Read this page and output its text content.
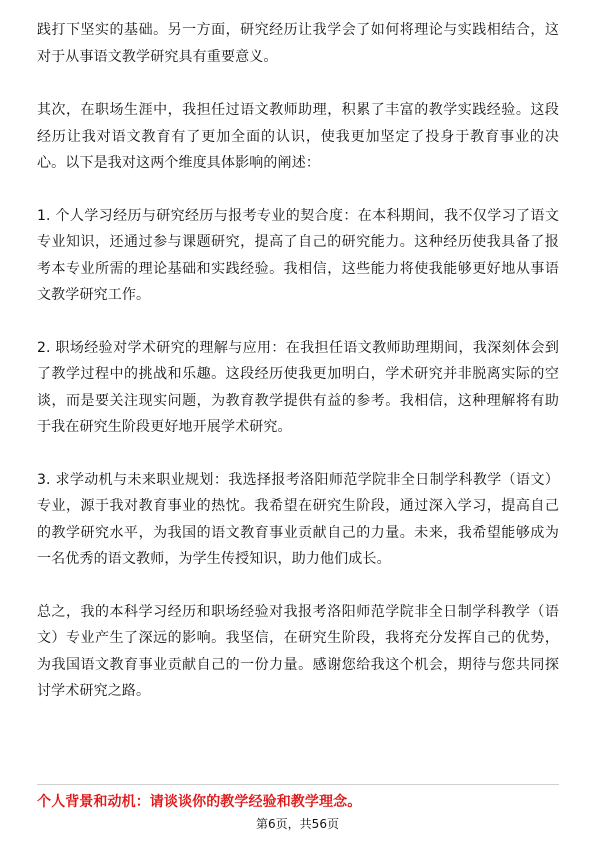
践打下坚实的基础。另一方面，研究经历让我学会了如何将理论与实践相结合，这对于从事语文教学研究具有重要意义。

其次，在职场生涯中，我担任过语文教师助理，积累了丰富的教学实践经验。这段经历让我对语文教育有了更加全面的认识，使我更加坚定了投身于教育事业的决心。以下是我对这两个维度具体影响的阐述：

1. 个人学习经历与研究经历与报考专业的契合度：在本科期间，我不仅学习了语文专业知识，还通过参与课题研究，提高了自己的研究能力。这种经历使我具备了报考本专业所需的理论基础和实践经验。我相信，这些能力将使我能够更好地从事语文教学研究工作。

2. 职场经验对学术研究的理解与应用：在我担任语文教师助理期间，我深刻体会到了教学过程中的挑战和乐趣。这段经历使我更加明白，学术研究并非脱离实际的空谈，而是要关注现实问题，为教育教学提供有益的参考。我相信，这种理解将有助于我在研究生阶段更好地开展学术研究。

3. 求学动机与未来职业规划：我选择报考洛阳师范学院非全日制学科教学（语文）专业，源于我对教育事业的热忱。我希望在研究生阶段，通过深入学习，提高自己的教学研究水平，为我国的语文教育事业贡献自己的力量。未来，我希望能够成为一名优秀的语文教师，为学生传授知识，助力他们成长。

总之，我的本科学习经历和职场经验对我报考洛阳师范学院非全日制学科教学（语文）专业产生了深远的影响。我坚信，在研究生阶段，我将充分发挥自己的优势，为我国语文教育事业贡献自己的一份力量。感谢您给我这个机会，期待与您共同探讨学术研究之路。

个人背景和动机：请谈谈你的教学经验和教学理念。
第6页，共56页
